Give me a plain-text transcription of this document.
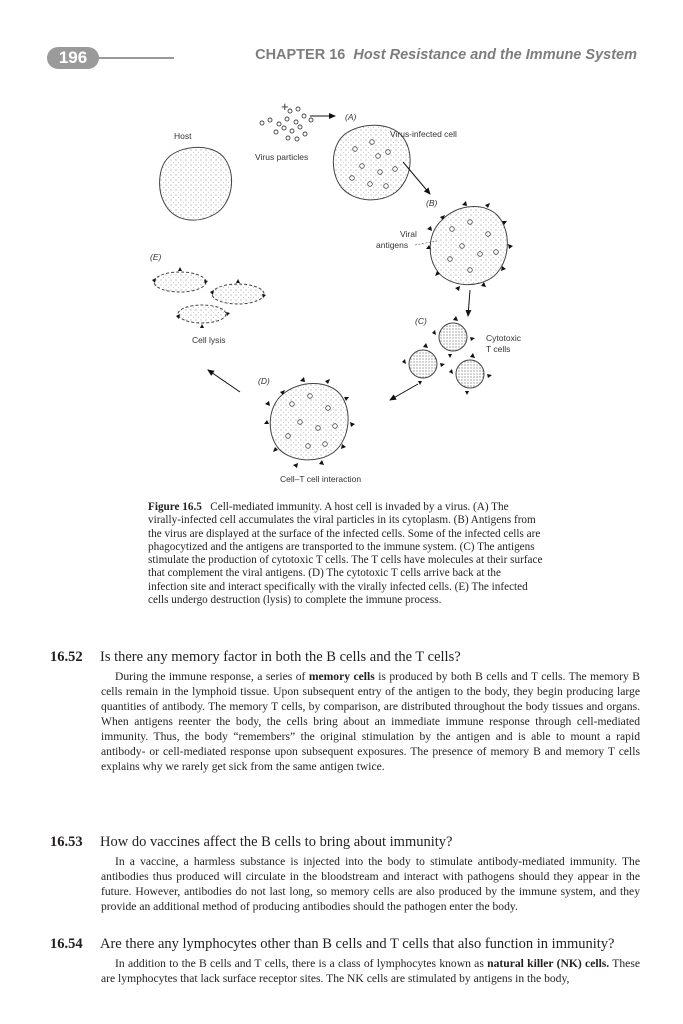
196	CHAPTER 16 Host Resistance and the Immune System
Host
+
Virus particles
(A)
Virus-infected cell
(B)
Viral
antigens
(C)
Cytotoxic
T cells
(D)
Cell–T cell interaction
(E)
Cell lysis
Figure 16.5 Cell-mediated immunity. A host cell is invaded by a virus. (A) The virally-infected cell accumulates the viral particles in its cytoplasm. (B) Antigens from the virus are displayed at the surface of the infected cells. Some of the infected cells are phagocytized and the antigens are transported to the immune system. (C) The antigens stimulate the production of cytotoxic T cells. The T cells have molecules at their surface that complement the viral antigens. (D) The cytotoxic T cells arrive back at the infection site and interact specifically with the virally infected cells. (E) The infected cells undergo destruction (lysis) to complete the immune process.
16.52 Is there any memory factor in both the B cells and the T cells?
During the immune response, a series of memory cells is produced by both B cells and T cells. The memory B cells remain in the lymphoid tissue. Upon subsequent entry of the antigen to the body, they begin producing large quantities of antibody. The memory T cells, by comparison, are distributed throughout the body tissues and organs. When antigens reenter the body, the cells bring about an immediate immune response through cell-mediated immunity. Thus, the body “remembers” the original stimulation by the antigen and is able to mount a rapid antibody- or cell-mediated response upon subsequent exposures. The presence of memory B and memory T cells explains why we rarely get sick from the same antigen twice.
16.53 How do vaccines affect the B cells to bring about immunity?
In a vaccine, a harmless substance is injected into the body to stimulate antibody-mediated immunity. The antibodies thus produced will circulate in the bloodstream and interact with pathogens should they appear in the future. However, antibodies do not last long, so memory cells are also produced by the immune system, and they provide an additional method of producing antibodies should the pathogen enter the body.
16.54 Are there any lymphocytes other than B cells and T cells that also function in immunity?
In addition to the B cells and T cells, there is a class of lymphocytes known as natural killer (NK) cells. These are lymphocytes that lack surface receptor sites. The NK cells are stimulated by antigens in the body,
